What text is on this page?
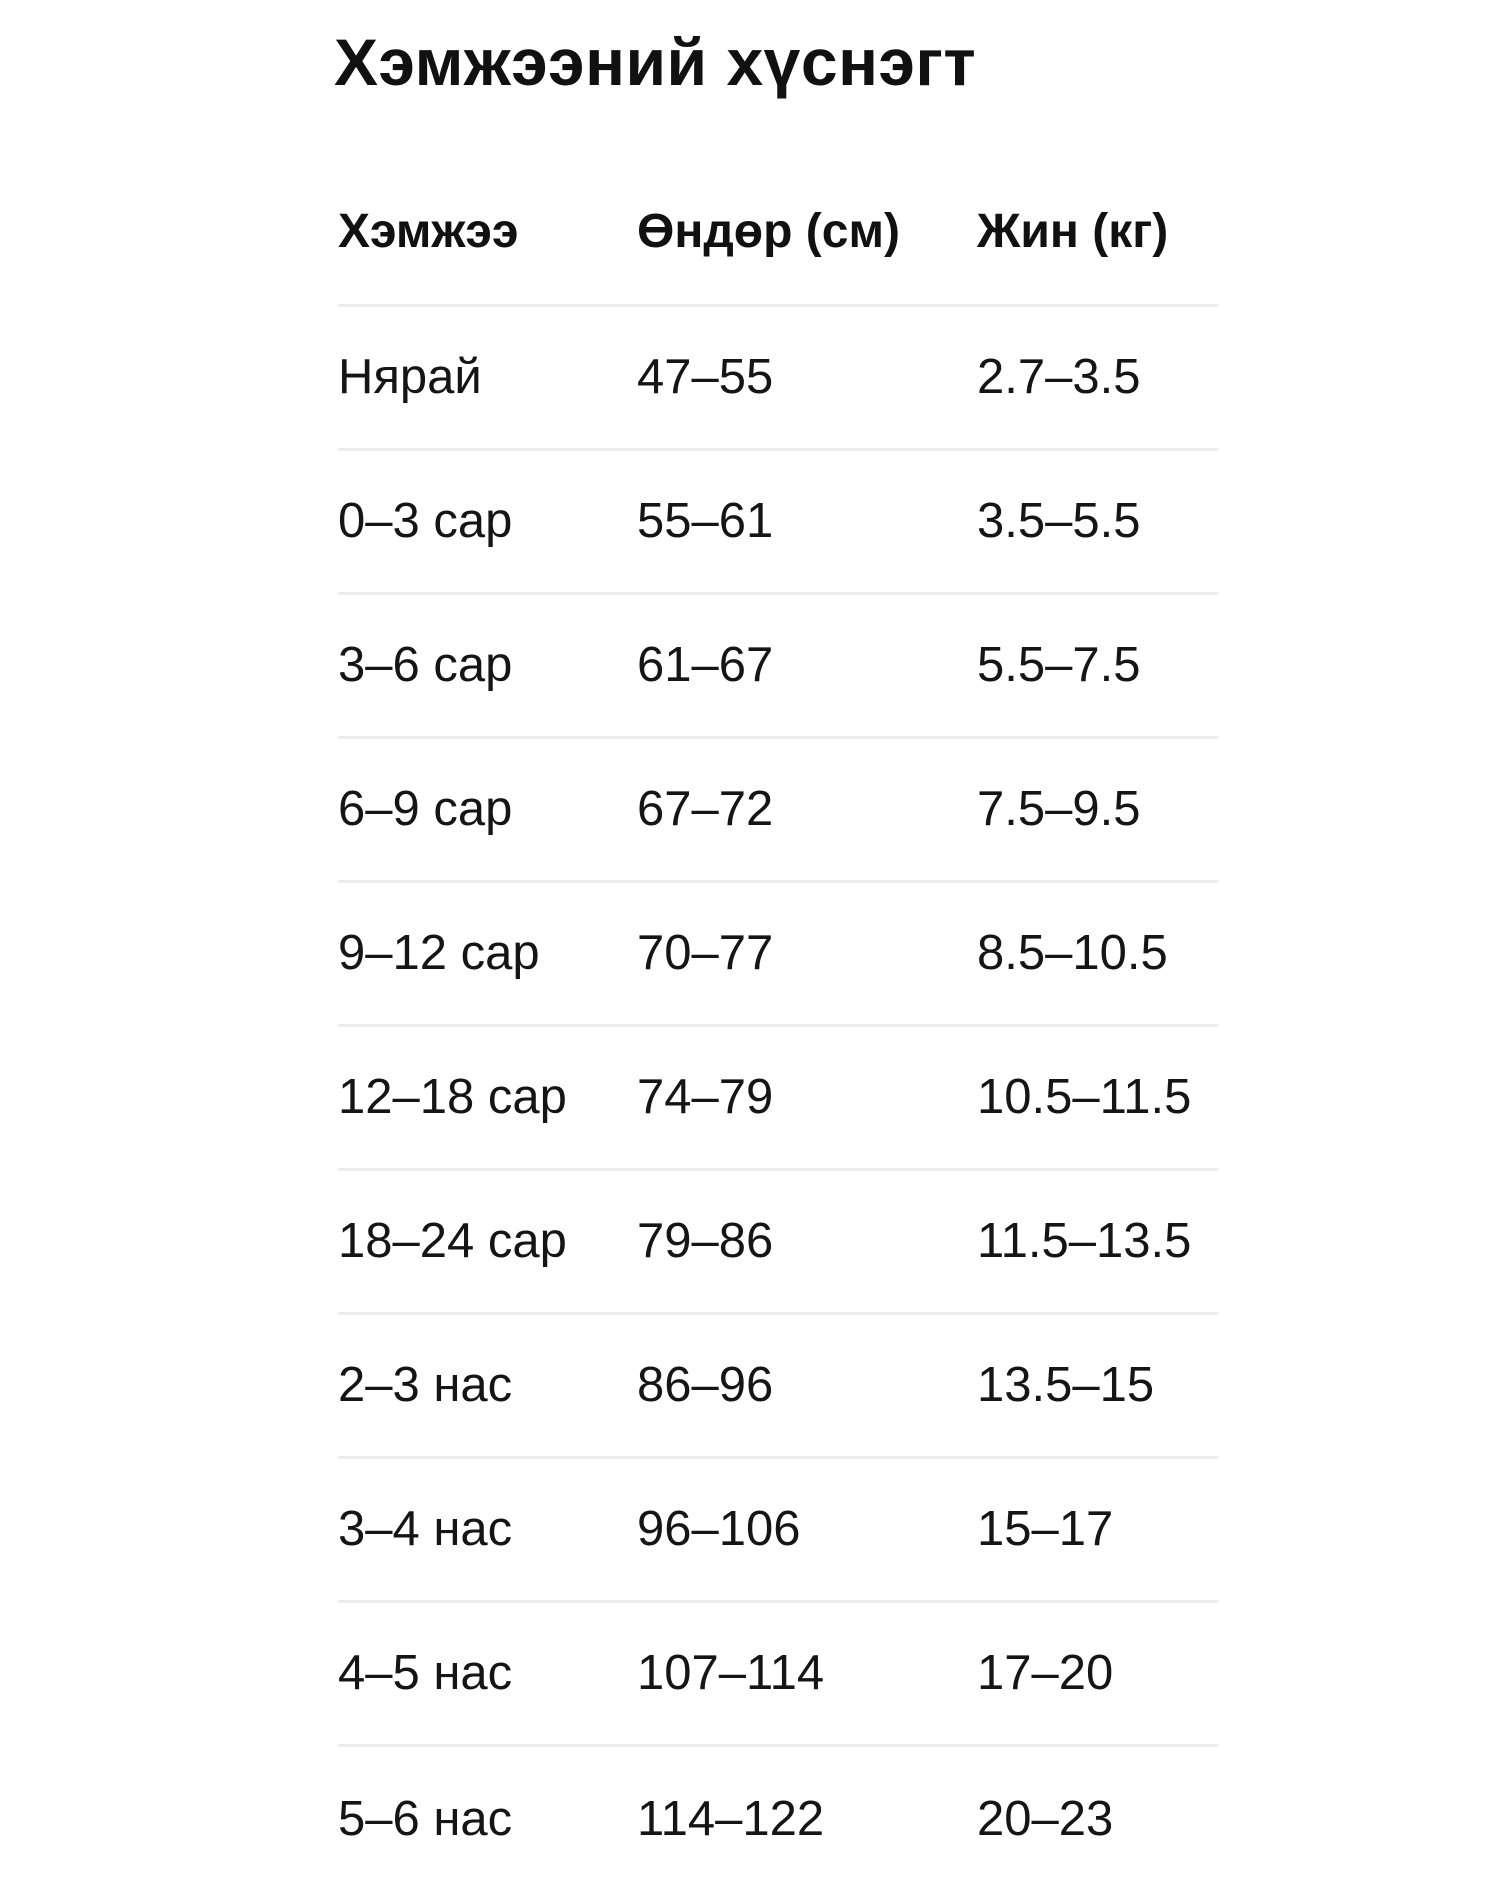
Хэмжээний хүснэгт
Хэмжээ Өндөр (см) Жин (кг)
Нярай	47–55	2.7–3.5
0–3 сар	55–61	3.5–5.5
3–6 сар	61–67	5.5–7.5
6–9 сар	67–72	7.5–9.5
9–12 сар 70–77	8.5–10.5
12–18 сар 74–79	10.5–11.5
18–24 сар 79–86	11.5–13.5
2–3 нас	86–96	13.5–15
3–4 нас	96–106	15–17
4–5 нас	107–114	17–20
5–6 нас	114–122	20–23
